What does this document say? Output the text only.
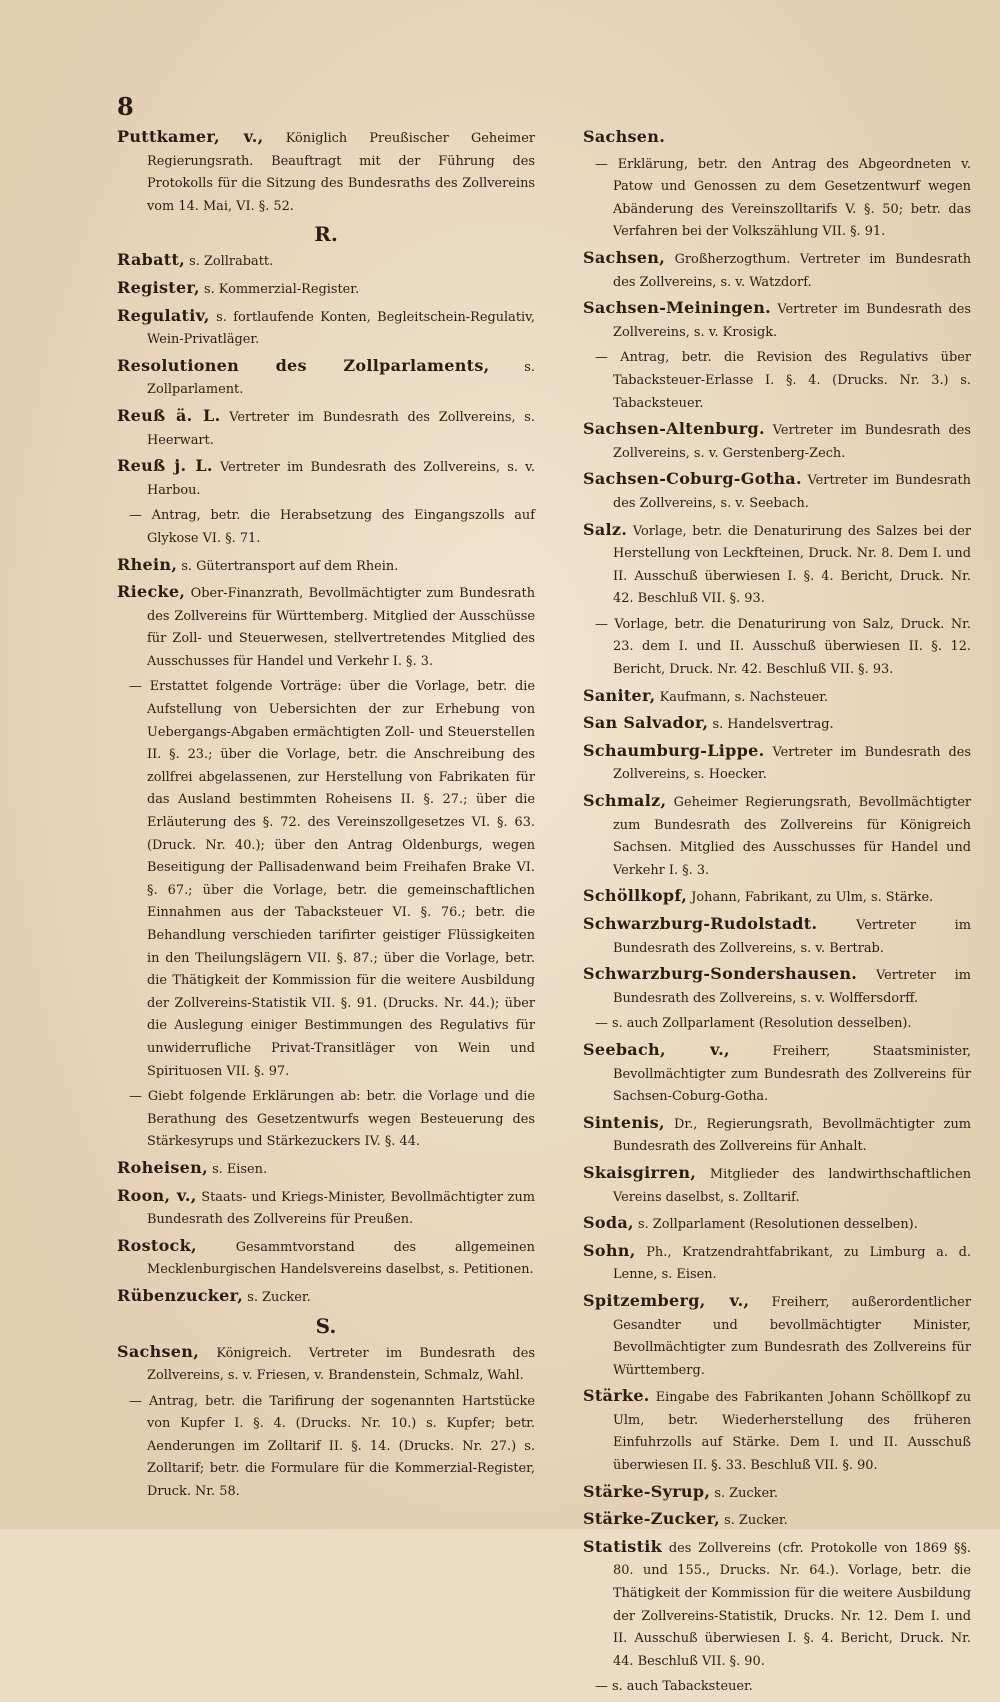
8
Puttkamer, v., Königlich Preußischer Geheimer Regierungsrath. Beauftragt mit der Führung des Protokolls für die Sitzung des Bundesraths des Zollvereins vom 14. Mai, VI. §. 52.
R.
Rabatt, s. Zollrabatt.
Register, s. Kommerzial-Register.
Regulativ, s. fortlaufende Konten, Begleitschein-Regulativ, Wein-Privatläger.
Resolutionen des Zollparlaments,	s. Zollparlament.
Reuß ä. L. Vertreter im Bundesrath des Zollvereins, s. Heerwart.
Reuß j. L. Vertreter im Bundesrath des Zollvereins, s. v. Harbou.
— Antrag, betr. die Herabsetzung des Eingangszolls auf Glykose VI. §. 71.
Rhein, s. Gütertransport auf dem Rhein.
Riecke, Ober-Finanzrath, Bevollmächtigter zum Bundesrath des Zollvereins für Württemberg. Mitglied der Ausschüsse für Zoll- und Steuerwesen, stellvertretendes Mitglied des Ausschusses für Handel und Verkehr I. §. 3.
— Erstattet folgende Vorträge: über die Vorlage, betr. die Aufstellung von Uebersichten der zur Erhebung von Uebergangs-Abgaben ermächtigten Zoll- und Steuerstellen II. §. 23.; über die Vorlage, betr. die Anschreibung des zollfrei abgelassenen, zur Herstellung von Fabrikaten für das Ausland bestimmten Roheisens II. §. 27.; über die Erläuterung des §. 72. des Vereinszollgesetzes VI. §. 63. (Druck. Nr. 40.); über den Antrag Oldenburgs, wegen Beseitigung der Pallisadenwand beim Freihafen Brake VI. §. 67.; über die Vorlage, betr. die gemeinschaftlichen Einnahmen aus der Tabacksteuer VI. §. 76.; betr. die Behandlung verschieden tarifirter geistiger Flüssigkeiten in den Theilungslägern VII. §. 87.; über die Vorlage, betr. die Thätigkeit der Kommission für die weitere Ausbildung der Zollvereins-Statistik VII. §. 91. (Drucks. Nr. 44.); über die Auslegung einiger Bestimmungen des Regulativs für unwiderrufliche Privat-Transitläger von Wein und Spirituosen VII. §. 97.
— Giebt folgende Erklärungen ab: betr. die Vorlage und die Berathung des Gesetzentwurfs wegen Besteuerung des Stärkesyrups und Stärkezuckers IV. §. 44.
Roheisen, s. Eisen.
Roon, v., Staats- und Kriegs-Minister, Bevollmächtigter zum Bundesrath des Zollvereins für Preußen.
Rostock,	Gesammtvorstand des allgemeinen Mecklenburgischen Handelsvereins daselbst, s. Petitionen.
Rübenzucker, s. Zucker.
S.
Sachsen, Königreich. Vertreter im Bundesrath des Zollvereins, s. v. Friesen, v. Brandenstein, Schmalz, Wahl.
— Antrag, betr. die Tarifirung der sogenannten Hartstücke von Kupfer I. §. 4. (Drucks. Nr. 10.) s. Kupfer; betr. Aenderungen im Zolltarif II. §. 14. (Drucks. Nr. 27.) s. Zolltarif; betr. die Formulare für die Kommerzial-Register, Druck. Nr. 58.
Sachsen.
— Erklärung, betr. den Antrag des Abgeordneten v. Patow und Genossen zu dem Gesetzentwurf wegen Abänderung des Vereinszolltarifs V. §. 50; betr. das Verfahren bei der Volkszählung VII. §. 91.
Sachsen, Großherzogthum. Vertreter im Bundesrath des Zollvereins, s. v. Watzdorf.
Sachsen-Meiningen. Vertreter im Bundesrath des Zollvereins, s. v. Krosigk.
— Antrag, betr. die Revision des Regulativs über Tabacksteuer-Erlasse I. §. 4. (Drucks. Nr. 3.) s. Tabacksteuer.
Sachsen-Altenburg. Vertreter im Bundesrath des Zollvereins, s. v. Gerstenberg-Zech.
Sachsen-Coburg-Gotha. Vertreter im Bundesrath des Zollvereins, s. v. Seebach.
Salz. Vorlage, betr. die Denaturirung des Salzes bei der Herstellung von Leckfteinen, Druck. Nr. 8. Dem I. und II. Ausschuß überwiesen I. §. 4. Bericht, Druck. Nr. 42. Beschluß VII. §. 93.
— Vorlage, betr. die Denaturirung von Salz, Druck. Nr. 23. dem I. und II. Ausschuß überwiesen II. §. 12. Bericht, Druck. Nr. 42. Beschluß VII. §. 93.
Saniter, Kaufmann, s. Nachsteuer.
San Salvador, s. Handelsvertrag.
Schaumburg-Lippe. Vertreter im Bundesrath des Zollvereins, s. Hoecker.
Schmalz, Geheimer Regierungsrath, Bevollmächtigter zum Bundesrath des Zollvereins für Königreich Sachsen. Mitglied des Ausschusses für Handel und Verkehr I. §. 3.
Schöllkopf, Johann, Fabrikant, zu Ulm, s. Stärke.
Schwarzburg-Rudolstadt.	Vertreter im Bundesrath des Zollvereins, s. v. Bertrab.
Schwarzburg-Sondershausen. Vertreter im Bundesrath des Zollvereins, s. v. Wolffersdorff.
— s. auch Zollparlament (Resolution desselben).
Seebach, v.,	Freiherr, Staatsminister, Bevollmächtigter zum Bundesrath des Zollvereins für Sachsen-Coburg-Gotha.
Sintenis, Dr., Regierungsrath, Bevollmächtigter zum Bundesrath des Zollvereins für Anhalt.
Skaisgirren, Mitglieder des landwirthschaftlichen Vereins daselbst, s. Zolltarif.
Soda, s. Zollparlament (Resolutionen desselben).
Sohn, Ph., Kratzendrahtfabrikant, zu Limburg a. d. Lenne, s. Eisen.
Spitzemberg, v., Freiherr, außerordentlicher Gesandter und bevollmächtigter Minister, Bevollmächtigter zum Bundesrath des Zollvereins für Württemberg.
Stärke. Eingabe des Fabrikanten Johann Schöllkopf zu Ulm, betr. Wiederherstellung des früheren Einfuhrzolls auf Stärke. Dem I. und II. Ausschuß überwiesen II. §. 33. Beschluß VII. §. 90.
Stärke-Syrup, s. Zucker.
Stärke-Zucker, s. Zucker.
Statistik des Zollvereins (cfr. Protokolle von 1869 §§. 80. und 155., Drucks. Nr. 64.). Vorlage, betr. die Thätigkeit der Kommission für die weitere Ausbildung der Zollvereins-Statistik, Drucks. Nr. 12. Dem I. und II. Ausschuß überwiesen I. §. 4. Bericht, Druck. Nr. 44. Beschluß VII. §. 90.
— s. auch Tabacksteuer.
